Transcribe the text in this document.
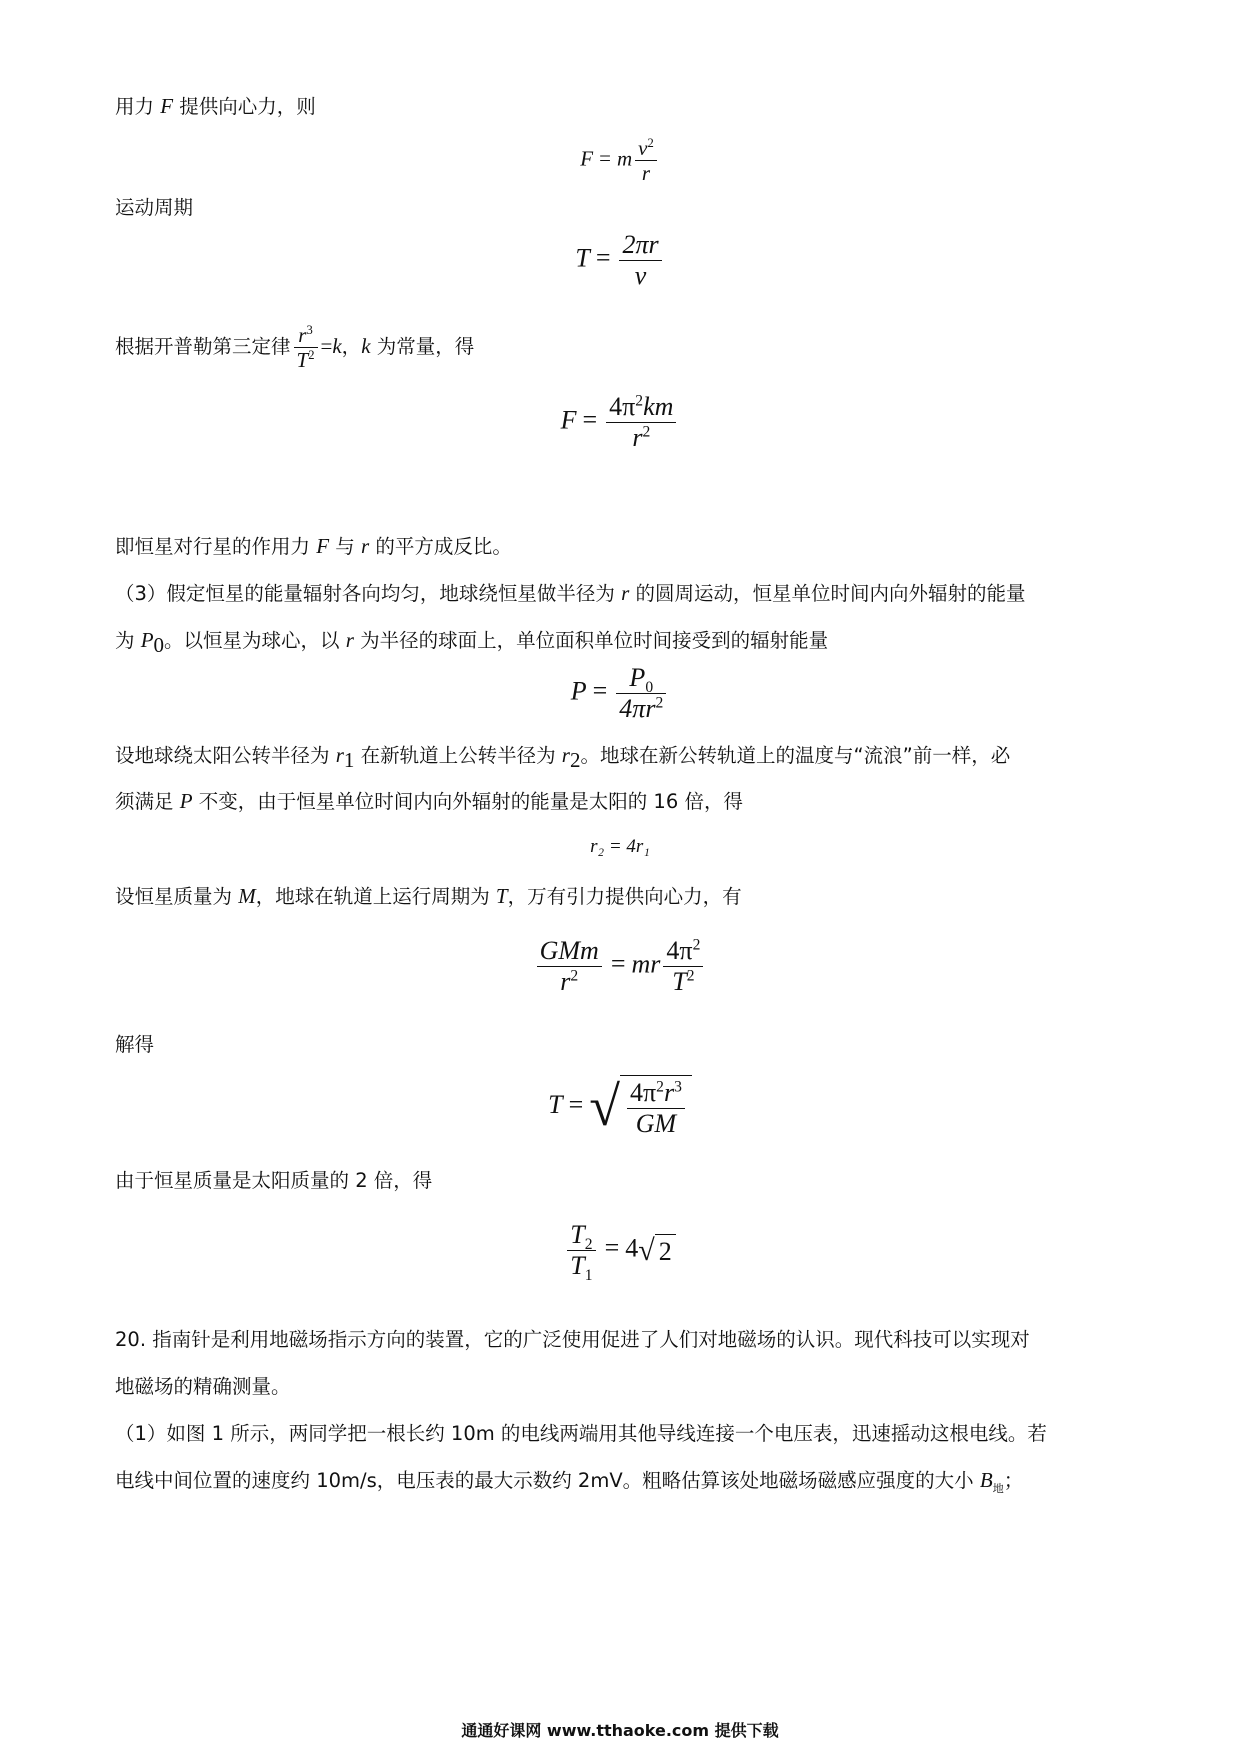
用力 F 提供向心力，则
F = m $\frac{v^2}{r}$
运动周期
$T = \frac{2\pi r}{v}$
根据开普勒第三定律 $\frac{r^3}{T^2} =k$，k 为常量，得
$F = \frac{4\pi^2km}{r^2}$
即恒星对行星的作用力 F 与 r 的平方成反比。
（3）假定恒星的能量辐射各向均匀，地球绕恒星做半径为 r 的圆周运动，恒星单位时间内向外辐射的能量
为 $P_0$。以恒星为球心，以 r 为半径的球面上，单位面积单位时间接受到的辐射能量
$P = \frac{P_0}{4\pi r^2}$
设地球绕太阳公转半径为 $r_1$ 在新轨道上公转半径为 $r_2$。地球在新公转轨道上的温度与“流浪”前一样，必
须满足 P 不变，由于恒星单位时间内向外辐射的能量是太阳的 16 倍，得
r₂ = 4r₁
设恒星质量为 M，地球在轨道上运行周期为 T，万有引力提供向心力，有
$\frac{\text{GMm}}{r^2}$ = mr $\frac{4\pi^2}{T^2}$
解得
T = √ $\frac{4\pi^2r^3}{GM}$
由于恒星质量是太阳质量的 2 倍，得
$\frac{T_2}{T_1} = 4√$ 2
20. 指南针是利用地磁场指示方向的装置，它的广泛使用促进了人们对地磁场的认识。现代科技可以实现对
地磁场的精确测量。
（1）如图 1 所示，两同学把一根长约 10m 的电线两端用其他导线连接一个电压表，迅速摇动这根电线。若
电线中间位置的速度约 10m/s，电压表的最大示数约 2mV。粗略估算该处地磁场磁感应强度的大小 $B_地$；
通通好课网 www.tthaoke.com 提供下载
